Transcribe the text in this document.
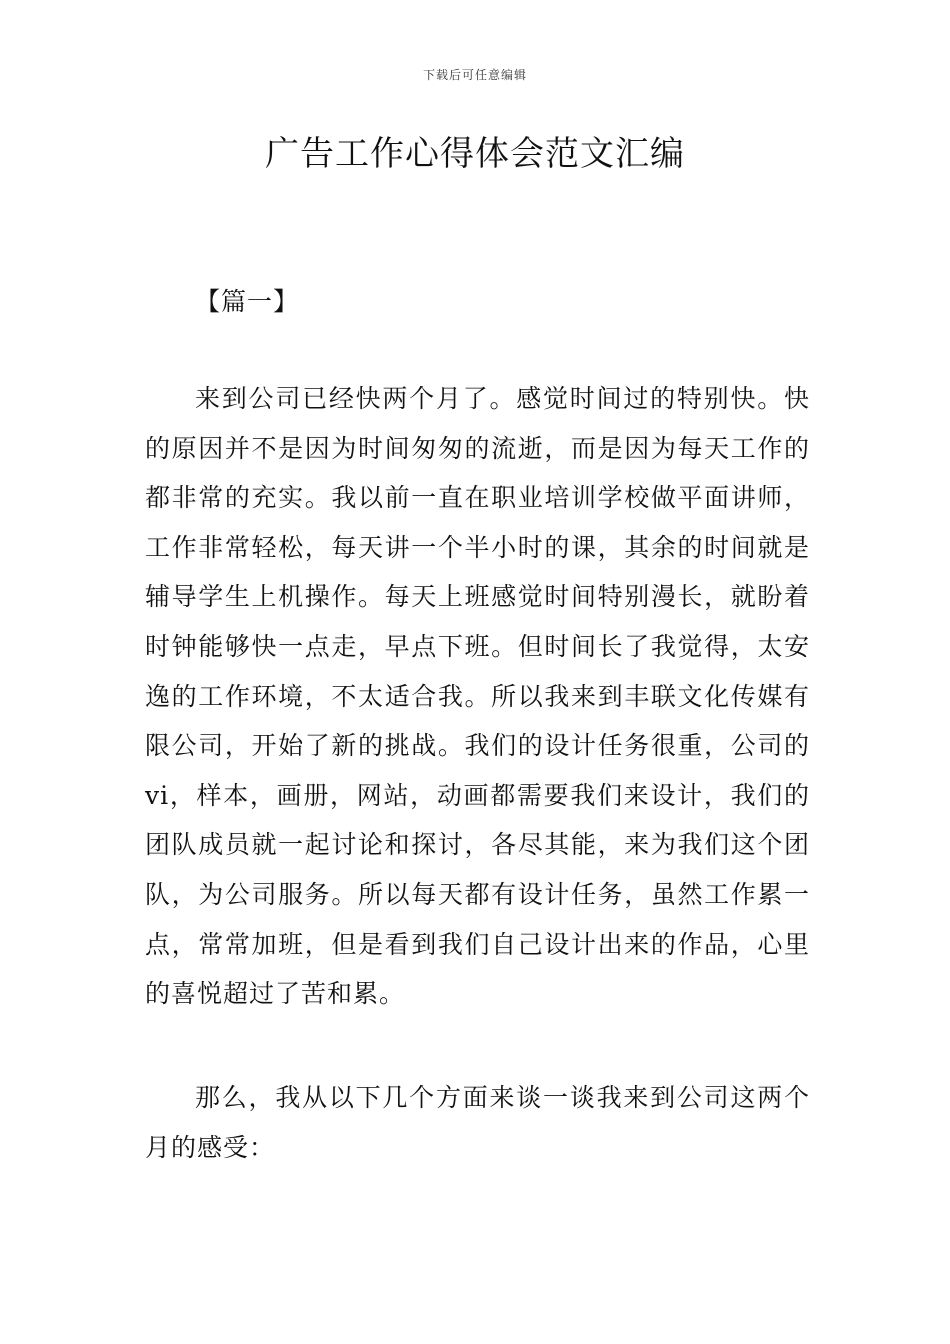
下载后可任意编辑
广告工作心得体会范文汇编
【篇一】

来到公司已经快两个月了。感觉时间过的特别快。快的原因并不是因为时间匆匆的流逝，而是因为每天工作的都非常的充实。我以前一直在职业培训学校做平面讲师，工作非常轻松，每天讲一个半小时的课，其余的时间就是辅导学生上机操作。每天上班感觉时间特别漫长，就盼着时钟能够快一点走，早点下班。但时间长了我觉得，太安逸的工作环境，不太适合我。所以我来到丰联文化传媒有限公司，开始了新的挑战。我们的设计任务很重，公司的vi，样本，画册，网站，动画都需要我们来设计，我们的团队成员就一起讨论和探讨，各尽其能，来为我们这个团队，为公司服务。所以每天都有设计任务，虽然工作累一点，常常加班，但是看到我们自己设计出来的作品，心里的喜悦超过了苦和累。

那么，我从以下几个方面来谈一谈我来到公司这两个月的感受：
